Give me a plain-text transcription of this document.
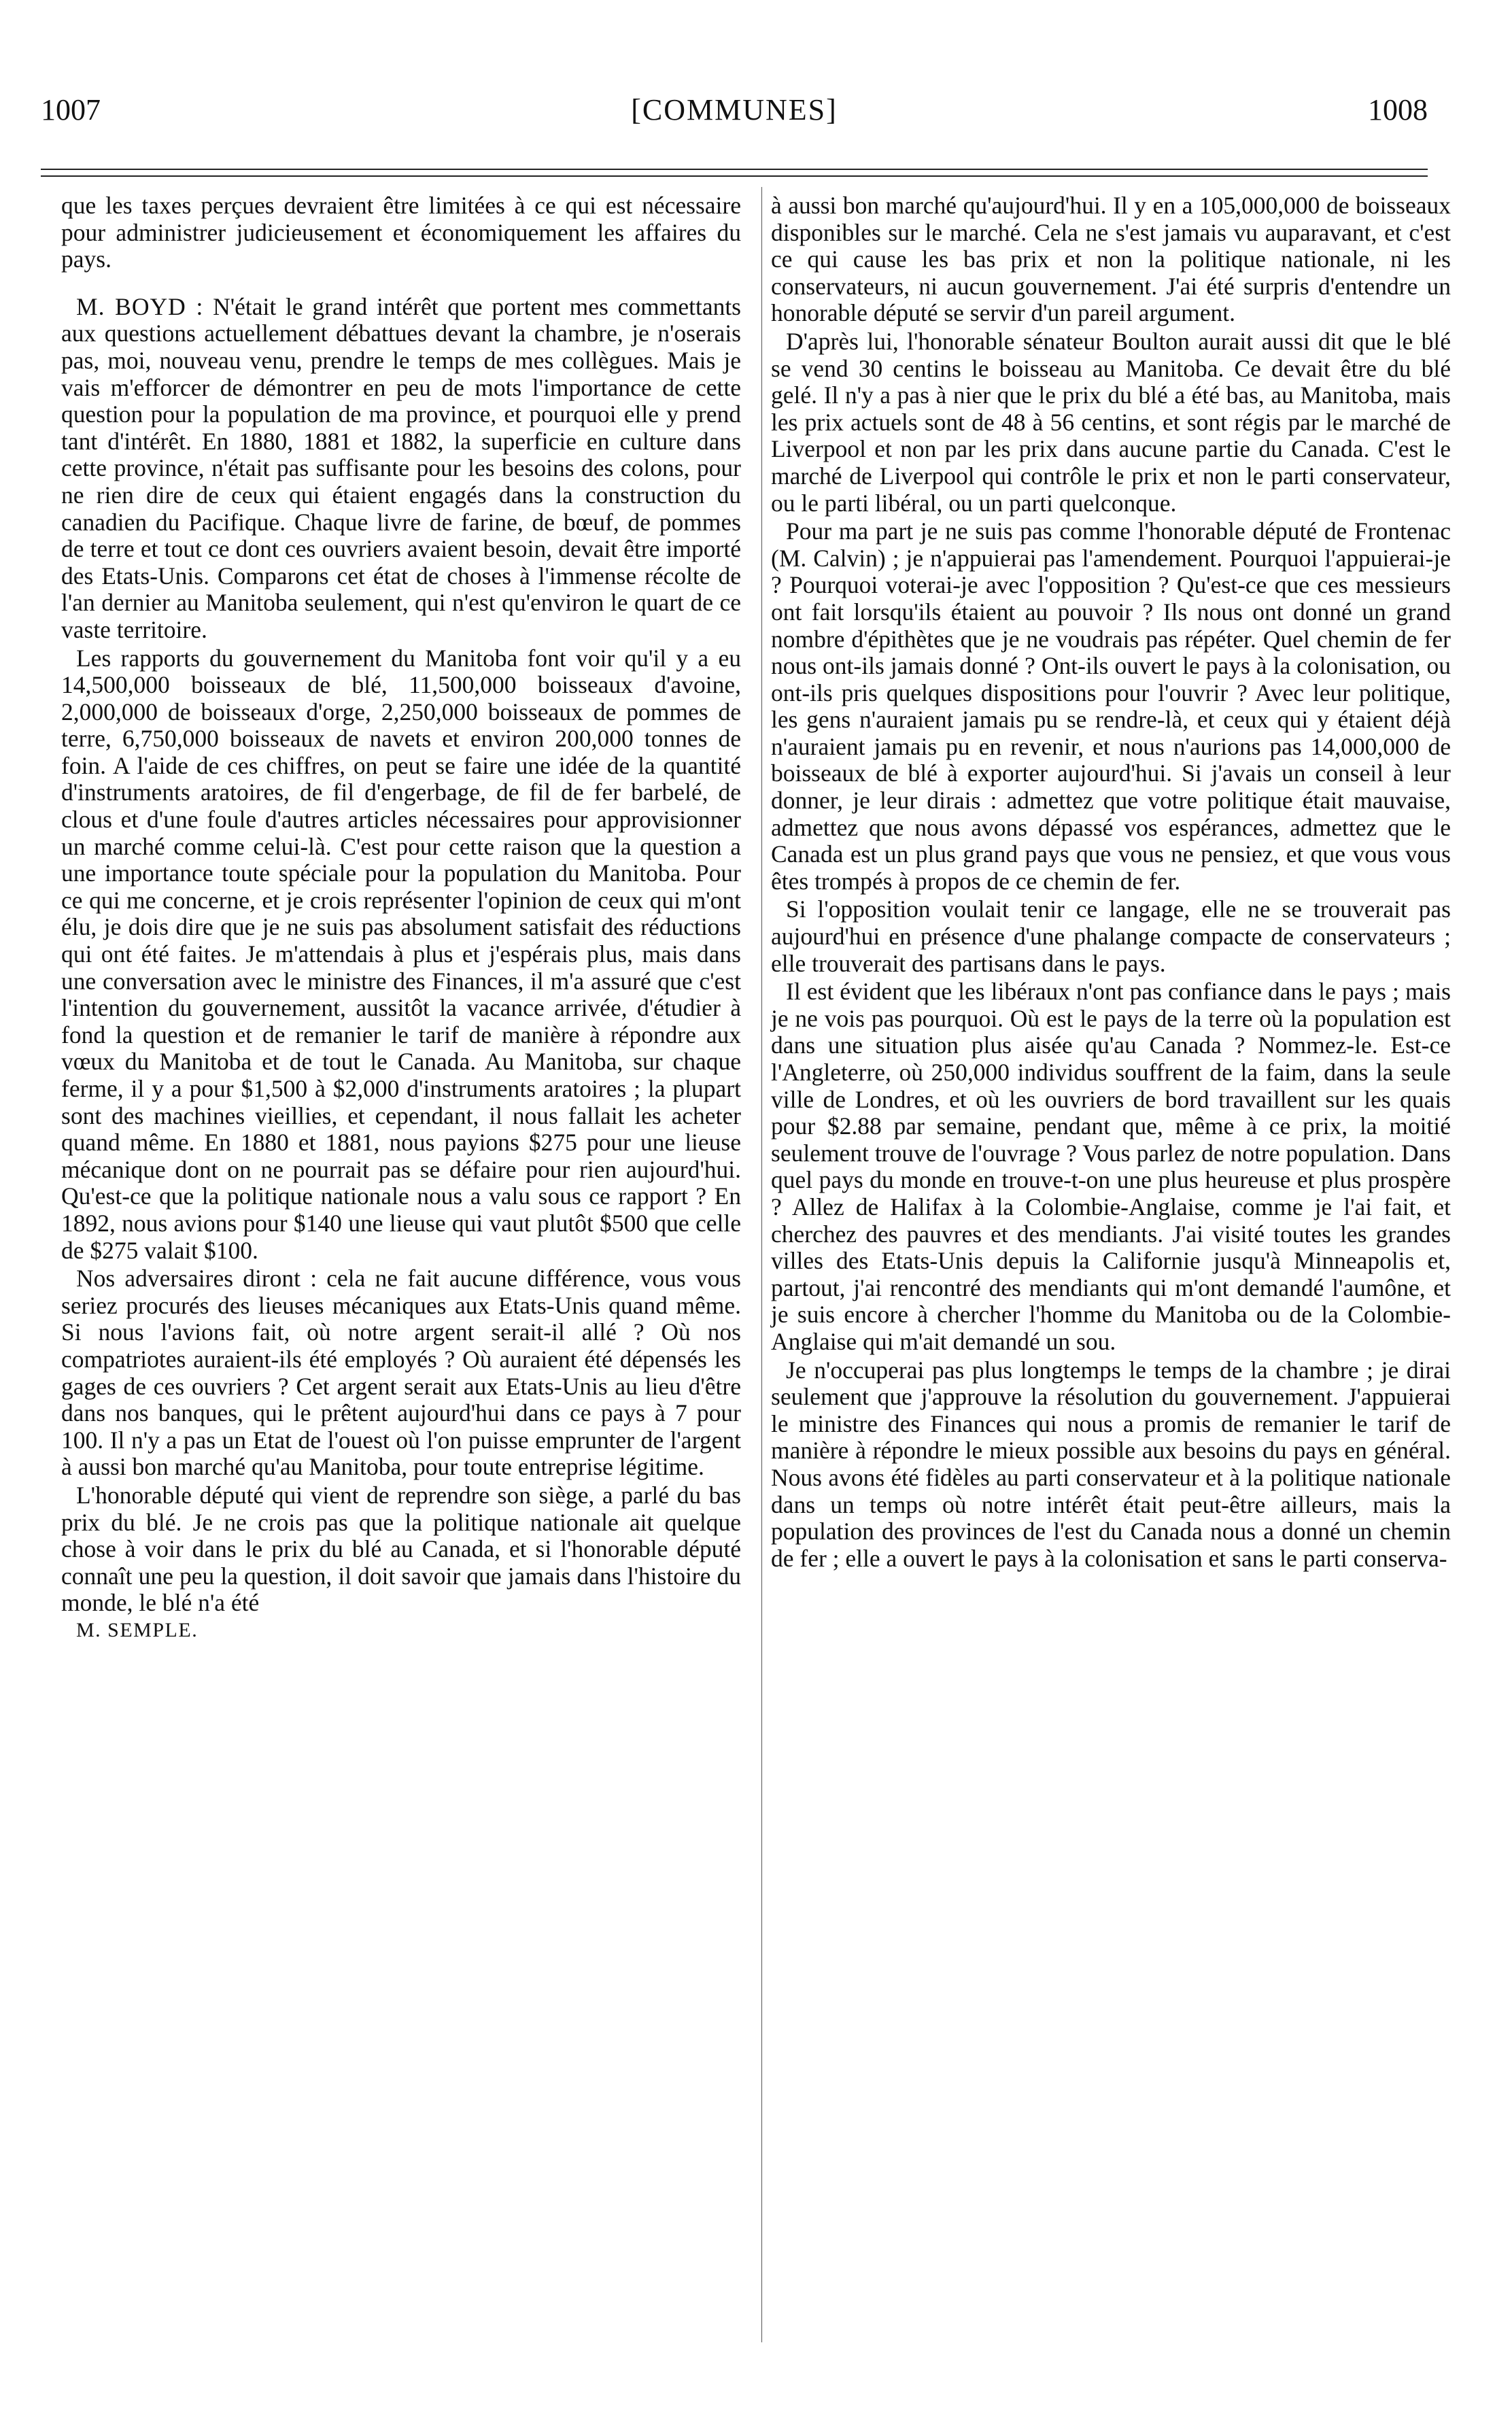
[COMMUNES]
1007	1008

que les taxes perçues devraient être limitées à ce qui est nécessaire pour administrer judicieusement et économiquement les affaires du pays.

M. BOYD : N'était le grand intérêt que portent mes commettants aux questions actuellement débattues devant la chambre, je n'oserais pas, moi, nouveau venu, prendre le temps de mes collègues. Mais je vais m'efforcer de démontrer en peu de mots l'importance de cette question pour la population de ma province, et pourquoi elle y prend tant d'intérêt. En 1880, 1881 et 1882, la superficie en culture dans cette province, n'était pas suffisante pour les besoins des colons, pour ne rien dire de ceux qui étaient engagés dans la construction du canadien du Pacifique. Chaque livre de farine, de bœuf, de pommes de terre et tout ce dont ces ouvriers avaient besoin, devait être importé des Etats-Unis. Comparons cet état de choses à l'immense récolte de l'an dernier au Manitoba seulement, qui n'est qu'environ le quart de ce vaste territoire.

Les rapports du gouvernement du Manitoba font voir qu'il y a eu 14,500,000 boisseaux de blé, 11,500,000 boisseaux d'avoine, 2,000,000 de boisseaux d'orge, 2,250,000 boisseaux de pommes de terre, 6,750,000 boisseaux de navets et environ 200,000 tonnes de foin. A l'aide de ces chiffres, on peut se faire une idée de la quantité d'instruments aratoires, de fil d'engerbage, de fil de fer barbelé, de clous et d'une foule d'autres articles nécessaires pour approvisionner un marché comme celui-là. C'est pour cette raison que la question a une importance toute spéciale pour la population du Manitoba. Pour ce qui me concerne, et je crois représenter l'opinion de ceux qui m'ont élu, je dois dire que je ne suis pas absolument satisfait des réductions qui ont été faites. Je m'attendais à plus et j'espérais plus, mais dans une conversation avec le ministre des Finances, il m'a assuré que c'est l'intention du gouvernement, aussitôt la vacance arrivée, d'étudier à fond la question et de remanier le tarif de manière à répondre aux vœux du Manitoba et de tout le Canada. Au Manitoba, sur chaque ferme, il y a pour $1,500 à $2,000 d'instruments aratoires ; la plupart sont des machines vieillies, et cependant, il nous fallait les acheter quand même. En 1880 et 1881, nous payions $275 pour une lieuse mécanique dont on ne pourrait pas se défaire pour rien aujourd'hui. Qu'est-ce que la politique nationale nous a valu sous ce rapport ? En 1892, nous avions pour $140 une lieuse qui vaut plutôt $500 que celle de $275 valait $100.

Nos adversaires diront : cela ne fait aucune différence, vous vous seriez procurés des lieuses mécaniques aux Etats-Unis quand même. Si nous l'avions fait, où notre argent serait-il allé ? Où nos compatriotes auraient-ils été employés ? Où auraient été dépensés les gages de ces ouvriers ? Cet argent serait aux Etats-Unis au lieu d'être dans nos banques, qui le prêtent aujourd'hui dans ce pays à 7 pour 100. Il n'y a pas un Etat de l'ouest où l'on puisse emprunter de l'argent à aussi bon marché qu'au Manitoba, pour toute entreprise légitime.

L'honorable député qui vient de reprendre son siège, a parlé du bas prix du blé. Je ne crois pas que la politique nationale ait quelque chose à voir dans le prix du blé au Canada, et si l'honorable député connaît une peu la question, il doit savoir que jamais dans l'histoire du monde, le blé n'a été

M. SEMPLE.

à aussi bon marché qu'aujourd'hui. Il y en a 105,000,000 de boisseaux disponibles sur le marché. Cela ne s'est jamais vu auparavant, et c'est ce qui cause les bas prix et non la politique nationale, ni les conservateurs, ni aucun gouvernement. J'ai été surpris d'entendre un honorable député se servir d'un pareil argument.

D'après lui, l'honorable sénateur Boulton aurait aussi dit que le blé se vend 30 centins le boisseau au Manitoba. Ce devait être du blé gelé. Il n'y a pas à nier que le prix du blé a été bas, au Manitoba, mais les prix actuels sont de 48 à 56 centins, et sont régis par le marché de Liverpool et non par les prix dans aucune partie du Canada. C'est le marché de Liverpool qui contrôle le prix et non le parti conservateur, ou le parti libéral, ou un parti quelconque.

Pour ma part je ne suis pas comme l'honorable député de Frontenac (M. Calvin) ; je n'appuierai pas l'amendement. Pourquoi l'appuierai-je ? Pourquoi voterai-je avec l'opposition ? Qu'est-ce que ces messieurs ont fait lorsqu'ils étaient au pouvoir ? Ils nous ont donné un grand nombre d'épithètes que je ne voudrais pas répéter. Quel chemin de fer nous ont-ils jamais donné ? Ont-ils ouvert le pays à la colonisation, ou ont-ils pris quelques dispositions pour l'ouvrir ? Avec leur politique, les gens n'auraient jamais pu se rendre-là, et ceux qui y étaient déjà n'auraient jamais pu en revenir, et nous n'aurions pas 14,000,000 de boisseaux de blé à exporter aujourd'hui. Si j'avais un conseil à leur donner, je leur dirais : admettez que votre politique était mauvaise, admettez que nous avons dépassé vos espérances, admettez que le Canada est un plus grand pays que vous ne pensiez, et que vous vous êtes trompés à propos de ce chemin de fer.

Si l'opposition voulait tenir ce langage, elle ne se trouverait pas aujourd'hui en présence d'une phalange compacte de conservateurs ; elle trouverait des partisans dans le pays.

Il est évident que les libéraux n'ont pas confiance dans le pays ; mais je ne vois pas pourquoi. Où est le pays de la terre où la population est dans une situation plus aisée qu'au Canada ? Nommez-le. Est-ce l'Angleterre, où 250,000 individus souffrent de la faim, dans la seule ville de Londres, et où les ouvriers de bord travaillent sur les quais pour $2.88 par semaine, pendant que, même à ce prix, la moitié seulement trouve de l'ouvrage ? Vous parlez de notre population. Dans quel pays du monde en trouve-t-on une plus heureuse et plus prospère ? Allez de Halifax à la Colombie-Anglaise, comme je l'ai fait, et cherchez des pauvres et des mendiants. J'ai visité toutes les grandes villes des Etats-Unis depuis la Californie jusqu'à Minneapolis et, partout, j'ai rencontré des mendiants qui m'ont demandé l'aumône, et je suis encore à chercher l'homme du Manitoba ou de la Colombie-Anglaise qui m'ait demandé un sou.

Je n'occuperai pas plus longtemps le temps de la chambre ; je dirai seulement que j'approuve la résolution du gouvernement. J'appuierai le ministre des Finances qui nous a promis de remanier le tarif de manière à répondre le mieux possible aux besoins du pays en général. Nous avons été fidèles au parti conservateur et à la politique nationale dans un temps où notre intérêt était peut-être ailleurs, mais la population des provinces de l'est du Canada nous a donné un chemin de fer ; elle a ouvert le pays à la colonisation et sans le parti conserva-
